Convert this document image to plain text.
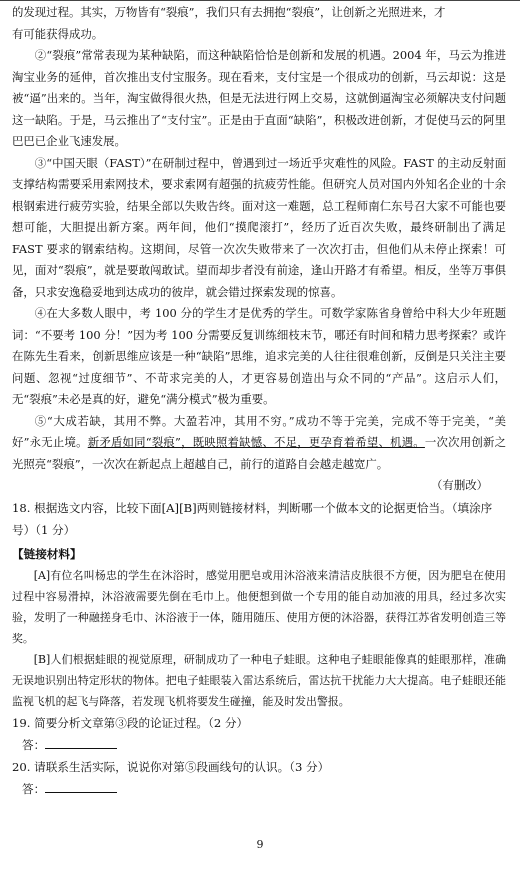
的发现过程。其实，万物皆有“裂痕”，我们只有去拥抱“裂痕”，让创新之光照进来，才

有可能获得成功。

②“裂痕”常常表现为某种缺陷，而这种缺陷恰恰是创新和发展的机遇。2004 年，马云为推进淘宝业务的延伸，首次推出支付宝服务。现在看来，支付宝是一个很成功的创新，马云却说：这是被“逼”出来的。当年，淘宝做得很火热，但是无法进行网上交易，这就倒逼淘宝必须解决支付问题这一缺陷。于是，马云推出了“支付宝”。正是由于直面“缺陷”，积极改进创新，才促使马云的阿里巴巴已企业飞速发展。

③“中国天眼（FAST）”在研制过程中，曾遇到过一场近乎灾难性的风险。FAST 的主动反射面支撑结构需要采用索网技术，要求索网有超强的抗疲劳性能。但研究人员对国内外知名企业的十余根钢索进行疲劳实验，结果全部以失败告终。面对这一难题，总工程师南仁东号召大家不可能也要想可能，大胆提出新方案。两年间，他们“摸爬滚打”，经历了近百次失败，最终研制出了满足 FAST 要求的钢索结构。这期间，尽管一次次失败带来了一次次打击，但他们从未停止探索！可见，面对“裂痕”，就是要敢闯敢试。望而却步者没有前途，逢山开路才有希望。相反，坐等万事俱备，只求安逸稳妥地到达成功的彼岸，就会错过探索发现的惊喜。

④在大多数人眼中，考 100 分的学生才是优秀的学生。可数学家陈省身曾给中科大少年班题词：“不要考 100 分！”因为考 100 分需要反复训练细枝末节，哪还有时间和精力思考探索？或许在陈先生看来，创新思维应该是一种“缺陷”思维，追求完美的人往往很难创新，反倒是只关注主要问题、忽视“过度细节”、不苛求完美的人，才更容易创造出与众不同的“产品”。这启示人们，无“裂痕”未必是真的好，避免“满分模式”极为重要。

⑤“大成若缺，其用不弊。大盈若冲，其用不穷。”成功不等于完美，完成不等于完美，“美好”永无止境。新矛盾如同“裂痕”，既映照着缺憾、不足，更孕育着希望、机遇。一次次用创新之光照亮“裂痕”，一次次在新起点上超越自己，前行的道路自会越走越宽广。

（有删改）

18. 根据选文内容，比较下面[A][B]两则链接材料，判断哪一个做本文的论据更恰当。（填涂序号）（1 分）

【链接材料】

[A]有位名叫杨忠的学生在沐浴时，感觉用肥皂或用沐浴液来清洁皮肤很不方便，因为肥皂在使用过程中容易滑掉，沐浴液需要先倒在毛巾上。他便想到做一个专用的能自动加液的用具，经过多次实验，发明了一种融搓身毛巾、沐浴液于一体，随用随压、使用方便的沐浴器，获得江苏省发明创造三等奖。

[B]人们根据蛙眼的视觉原理，研制成功了一种电子蛙眼。这种电子蛙眼能像真的蛙眼那样，准确无误地识别出特定形状的物体。把电子蛙眼装入雷达系统后，雷达抗干扰能力大大提高。电子蛙眼还能监视飞机的起飞与降落，若发现飞机将要发生碰撞，能及时发出警报。

19. 简要分析文章第③段的论证过程。（2 分）

答：

20. 请联系生活实际，说说你对第⑤段画线句的认识。（3 分）

答：

9
